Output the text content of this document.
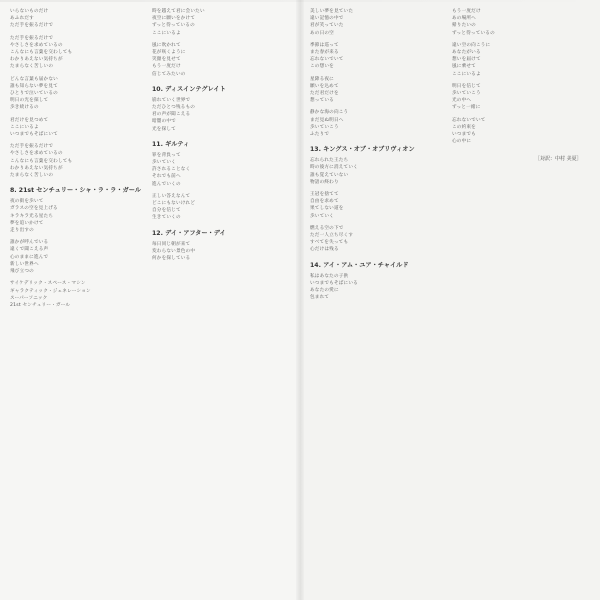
いらないものだけ
あふれだす
ただ手を振るだけで
ただ手を振るだけで
やさしさを求めているの
こんなにも言葉を交わしても
わかりあえない気持ちが
たまらなく苦しいの
どんな言葉も届かない
誰も知らない夢を見て
ひとりで泣いているの
明日の光を探して
歩き続けるの
君だけを見つめて
ここにいるよ
いつまでもそばにいて
ただ手を振るだけで
やさしさを求めているの
こんなにも言葉を交わしても
わかりあえない気持ちが
たまらなく苦しいの
8. 21st センチュリー・シャ・ラ・ラ・ガール
夜の街を歩いて
ガラスの空を見上げる
キラキラ光る星たち
夢を追いかけて
走り出すの
誰かが呼んでいる
遠くで聞こえる声
心のままに進んで
新しい世界へ
飛び立つの
サイケデリック・スペース・マシン
ギャラクティック・ジェネレーション
スーパーソニック
21st センチュリー・ガール
時を越えて君に会いたい
夜空に願いをかけて
ずっと待っているの
ここにいるよ
風に吹かれて
花が咲くように
笑顔を見せて
もう一度だけ
信じてみたいの
10. ディスインテグレイト
崩れていく世界で
ただひとつ残るもの
君の声が聞こえる
暗闇の中で
光を探して
11. ギルティ
罪を背負って
歩いていく
許されることなく
それでも前へ
進んでいくの
正しい答えなんて
どこにもないけれど
自分を信じて
生きていくの
12. デイ・アフター・デイ
毎日同じ朝が来て
変わらない景色の中
何かを探している
美しい夢を見ていた
遠い記憶の中で
君が笑っていた
あの日の空
季節は巡って
また春が来る
忘れないでいて
この想いを
星降る夜に
願いを込めて
ただ君だけを
想っている
静かな海の向こう
まだ見ぬ明日へ
歩いていこう
ふたりで
13. キングス・オブ・オブリヴィオン
忘れられた王たち
時の彼方に消えていく
誰も覚えていない
物語の終わり
王冠を捨てて
自由を求めて
果てしない道を
歩いていく
燃える空の下で
ただ一人立ち尽くす
すべてを失っても
心だけは残る
14. アイ・アム・ユア・チャイルド
私はあなたの子供
いつまでもそばにいる
あなたの愛に
包まれて
もう一度だけ
あの場所へ
帰りたいの
ずっと待っているの
遠い空の向こうに
あなたがいる
想いを届けて
風に乗せて
ここにいるよ
明日を信じて
歩いていこう
光の中へ
ずっと一緒に
忘れないでいて
この約束を
いつまでも
心の中に
［対訳：中村 美夏］
